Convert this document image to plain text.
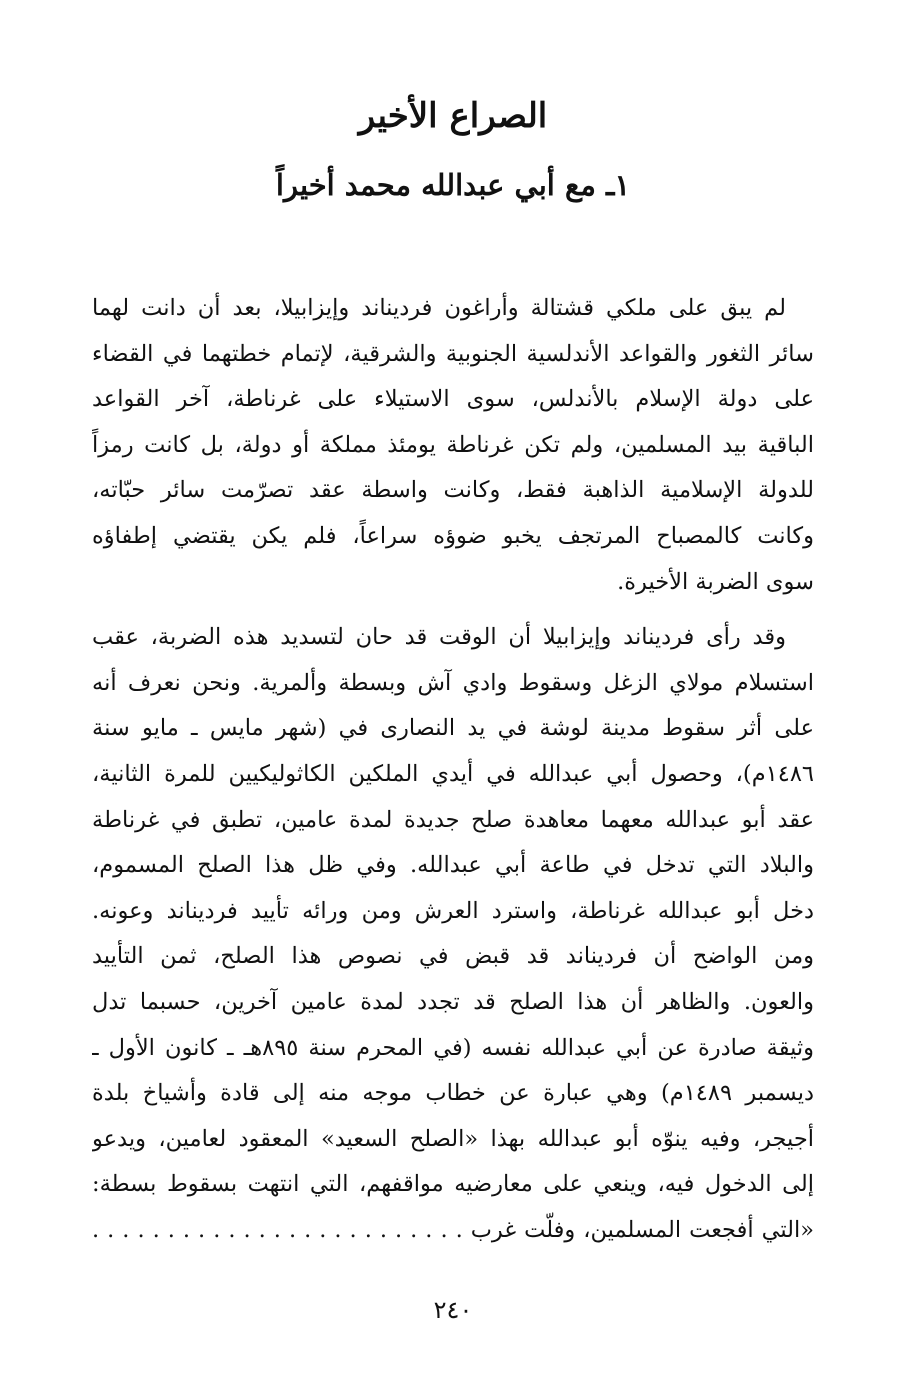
الصراع الأخير
١ـ مع أبي عبدالله محمد أخيراً
لم يبق على ملكي قشتالة وأراغون فرديناند وإيزابيلا، بعد أن دانت لهما
سائر الثغور والقواعد الأندلسية الجنوبية والشرقية، لإتمام خطتهما في القضاء
على دولة الإسلام بالأندلس، سوى الاستيلاء على غرناطة، آخر القواعد
الباقية بيد المسلمين، ولم تكن غرناطة يومئذ مملكة أو دولة، بل كانت رمزاً
للدولة الإسلامية الذاهبة فقط، وكانت واسطة عقد تصرّمت سائر حبّاته،
وكانت كالمصباح المرتجف يخبو ضوؤه سراعاً، فلم يكن يقتضي إطفاؤه
سوى الضربة الأخيرة.
وقد رأى فرديناند وإيزابيلا أن الوقت قد حان لتسديد هذه الضربة، عقب
استسلام مولاي الزغل وسقوط وادي آش وبسطة وألمرية. ونحن نعرف أنه
على أثر سقوط مدينة لوشة في يد النصارى في (شهر مايس ـ مايو سنة
١٤٨٦م)، وحصول أبي عبدالله في أيدي الملكين الكاثوليكيين للمرة الثانية،
عقد أبو عبدالله معهما معاهدة صلح جديدة لمدة عامين، تطبق في غرناطة
والبلاد التي تدخل في طاعة أبي عبدالله. وفي ظل هذا الصلح المسموم،
دخل أبو عبدالله غرناطة، واسترد العرش ومن ورائه تأييد فرديناند وعونه.
ومن الواضح أن فرديناند قد قبض في نصوص هذا الصلح، ثمن التأييد
والعون. والظاهر أن هذا الصلح قد تجدد لمدة عامين آخرين، حسبما تدل
وثيقة صادرة عن أبي عبدالله نفسه (في المحرم سنة ٨٩٥هـ ـ كانون الأول ـ
ديسمبر ١٤٨٩م) وهي عبارة عن خطاب موجه منه إلى قادة وأشياخ بلدة
أجيجر، وفيه ينوّه أبو عبدالله بهذا «الصلح السعيد» المعقود لعامين، ويدعو
إلى الدخول فيه، وينعي على معارضيه مواقفهم، التي انتهت بسقوط بسطة:
«التي أفجعت المسلمين، وفلّت غرب . . . . . . . . . . . . . . . . . . . . . . . . .
٢٤٠
